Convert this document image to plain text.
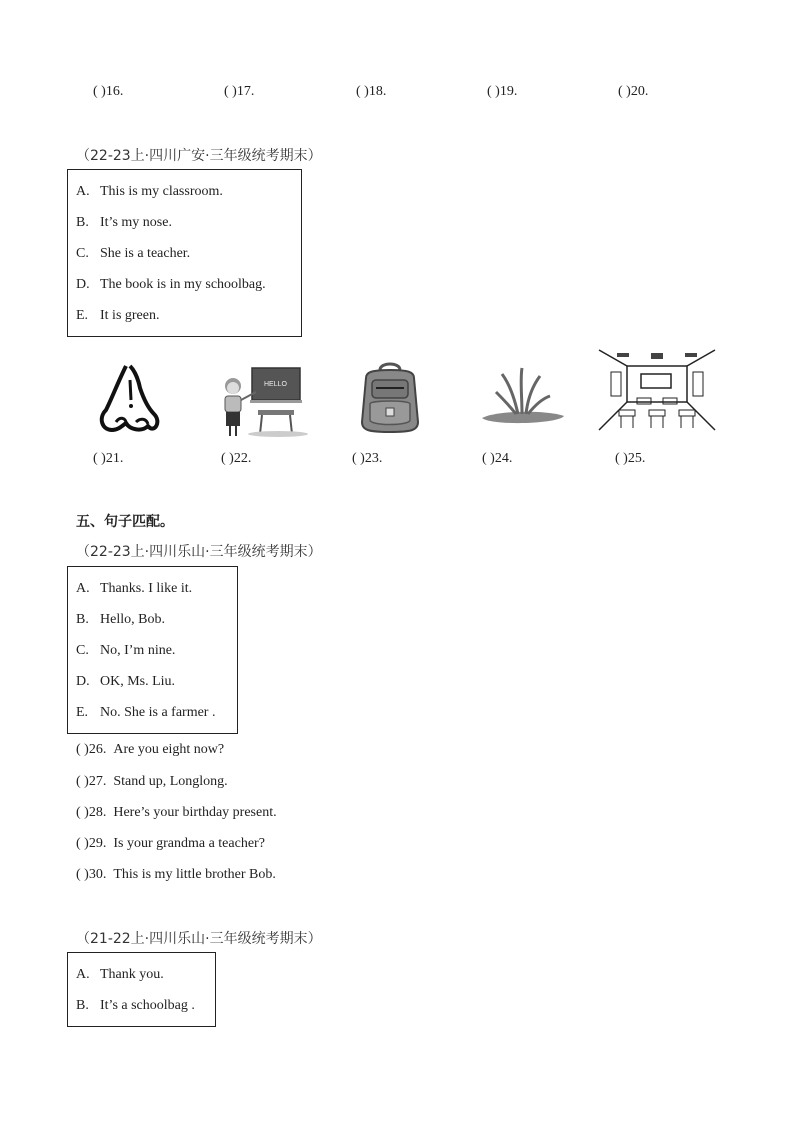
( )16.	( )17.	( )18.	( )19.	( )20.
（22-23上·四川广安·三年级统考期末）
A. This is my classroom.
B. It’s my nose.
C. She is a teacher.
D. The book is in my schoolbag.
E. It is green.
HELLO
( )21.	( )22.	( )23.	( )24.	( )25.
五、句子匹配。
（22-23上·四川乐山·三年级统考期末）
A. Thanks. I like it.
B. Hello, Bob.
C. No, I’m nine.
D. OK, Ms. Liu.
E. No. She is a farmer .
( )26. Are you eight now?
( )27. Stand up, Longlong.
( )28. Here’s your birthday present.
( )29. Is your grandma a teacher?
( )30. This is my little brother Bob.
（21-22上·四川乐山·三年级统考期末）
A. Thank you.
B. It’s a schoolbag .
